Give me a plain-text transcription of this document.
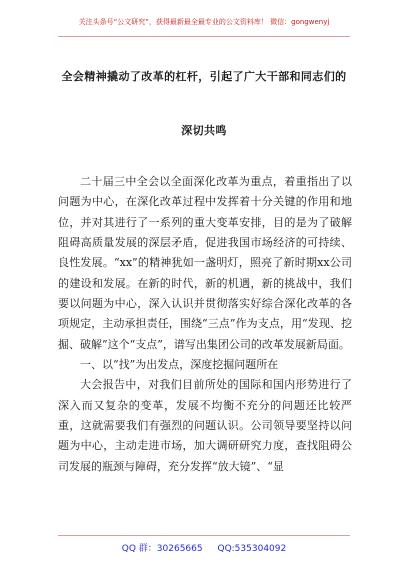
关注头条号“公文研究”，获得最新最全最专业的公文资料库！ 微信：gongwenyj
全会精神撬动了改革的杠杆，引起了广大干部和同志们的
深切共鸣

二十届三中全会以全面深化改革为重点，着重指出了以问题为中心，在深化改革过程中发挥着十分关键的作用和地位，并对其进行了一系列的重大变革安排，目的是为了破解阻碍高质量发展的深层矛盾，促进我国市场经济的可持续、良性发展。“xx”的精神犹如一盏明灯，照亮了新时期xx公司的建设和发展。在新的时代，新的机遇，新的挑战中，我们要以问题为中心，深入认识并贯彻落实好综合深化改革的各项规定，主动承担责任，围绕“三点”作为支点，用“发现、挖掘、破解”这个“支点”，谱写出集团公司的改革发展新局面。

一、以“找”为出发点，深度挖掘问题所在

大会报告中，对我们目前所处的国际和国内形势进行了深入而又复杂的变革，发展不均衡不充分的问题还比较严重，这就需要我们有强烈的问题认识。公司领导要坚持以问题为中心，主动走进市场，加大调研研究力度，查找阻碍公司发展的瓶颈与障碍，充分发挥“放大镜”、“显

QQ 群：30265665 QQ:535304092
